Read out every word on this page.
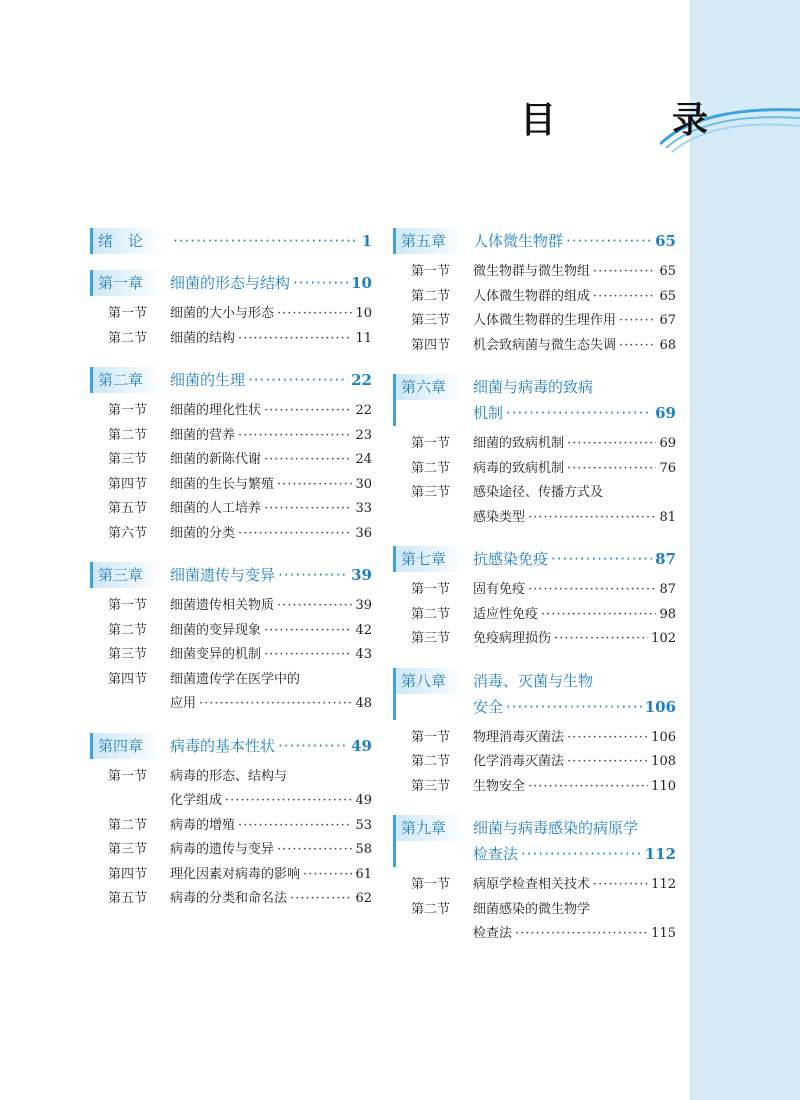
目　录
绪　论 ·····	1
第一章	细菌的形态与结构 ·····	10
第一节	细菌的大小与形态 ·····	10
第二节	细菌的结构 ·····	11
第二章	细菌的生理 ·····	22
第一节	细菌的理化性状 ·····	22
第二节	细菌的营养 ·····	23
第三节	细菌的新陈代谢 ·····	24
第四节	细菌的生长与繁殖 ·····	30
第五节	细菌的人工培养 ·····	33
第六节	细菌的分类 ·····	36
第三章	细菌遗传与变异 ·····	39
第一节	细菌遗传相关物质 ·····	39
第二节	细菌的变异现象 ·····	42
第三节	细菌变异的机制 ·····	43
第四节	细菌遗传学在医学中的
应用 ·····	48
第四章	病毒的基本性状 ·····	49
第一节	病毒的形态、结构与
化学组成 ·····	49
第二节	病毒的增殖 ·····	53
第三节	病毒的遗传与变异 ·····	58
第四节	理化因素对病毒的影响 ·····	61
第五节	病毒的分类和命名法 ·····	62
第五章	人体微生物群 ·····	65
第一节	微生物群与微生物组 ·····	65
第二节	人体微生物群的组成 ·····	65
第三节	人体微生物群的生理作用 ·····	67
第四节	机会致病菌与微生态失调 ·····	68
第六章	细菌与病毒的致病
机制 ·····	69
第一节	细菌的致病机制 ·····	69
第二节	病毒的致病机制 ·····	76
第三节	感染途径、传播方式及
感染类型 ·····	81
第七章	抗感染免疫 ·····	87
第一节	固有免疫 ·····	87
第二节	适应性免疫 ·····	98
第三节	免疫病理损伤 ·····	102
第八章	消毒、灭菌与生物
安全 ·····	106
第一节	物理消毒灭菌法 ·····	106
第二节	化学消毒灭菌法 ·····	108
第三节	生物安全 ·····	110
第九章	细菌与病毒感染的病原学
检查法 ·····	112
第一节	病原学检查相关技术 ·····	112
第二节	细菌感染的微生物学
检查法 ·····	115
